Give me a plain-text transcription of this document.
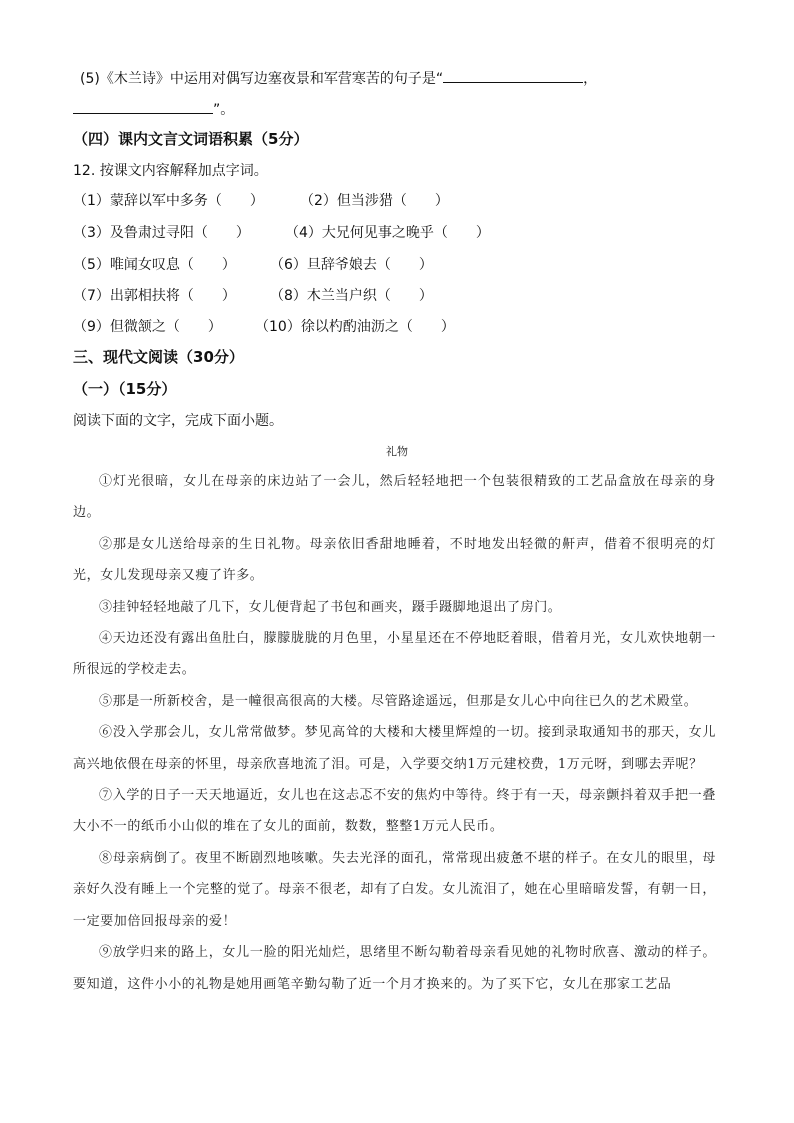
(5)《木兰诗》中运用对偶写边塞夜景和军营寒苦的句子是“	，
”。
（四）课内文言文词语积累（5分）
12. 按课文内容解释加点字词。
（1）蒙辞以军中多务（　　）	（2）但当涉猎（　　）
（3）及鲁肃过寻阳（　　）	（4）大兄何见事之晚乎（　　）
（5）唯闻女叹息（　　） （6）旦辞爷娘去（　　）
（7）出郭相扶将（　　） （8）木兰当户织（　　）
（9）但微颔之（　　） （10）徐以杓酌油沥之（　　）
三、现代文阅读（30分）
（一）（15分）
阅读下面的文字，完成下面小题。
礼物

①灯光很暗，女儿在母亲的床边站了一会儿，然后轻轻地把一个包装很精致的工艺品盒放在母亲的身边。

②那是女儿送给母亲的生日礼物。母亲依旧香甜地睡着，不时地发出轻微的鼾声，借着不很明亮的灯光，女儿发现母亲又瘦了许多。

③挂钟轻轻地敲了几下，女儿便背起了书包和画夹，蹑手蹑脚地退出了房门。

④天边还没有露出鱼肚白，朦朦胧胧的月色里，小星星还在不停地眨着眼，借着月光，女儿欢快地朝一所很远的学校走去。

⑤那是一所新校舍，是一幢很高很高的大楼。尽管路途遥远，但那是女儿心中向往已久的艺术殿堂。

⑥没入学那会儿，女儿常常做梦。梦见高耸的大楼和大楼里辉煌的一切。接到录取通知书的那天，女儿高兴地依偎在母亲的怀里，母亲欣喜地流了泪。可是，入学要交纳1万元建校费，1万元呀，到哪去弄呢？

⑦入学的日子一天天地逼近，女儿也在这忐忑不安的焦灼中等待。终于有一天，母亲颤抖着双手把一叠大小不一的纸币小山似的堆在了女儿的面前，数数，整整1万元人民币。

⑧母亲病倒了。夜里不断剧烈地咳嗽。失去光泽的面孔，常常现出疲惫不堪的样子。在女儿的眼里，母亲好久没有睡上一个完整的觉了。母亲不很老，却有了白发。女儿流泪了，她在心里暗暗发誓，有朝一日，一定要加倍回报母亲的爱！

⑨放学归来的路上，女儿一脸的阳光灿烂，思绪里不断勾勒着母亲看见她的礼物时欣喜、激动的样子。要知道，这件小小的礼物是她用画笔辛勤勾勒了近一个月才换来的。为了买下它，女儿在那家工艺品
